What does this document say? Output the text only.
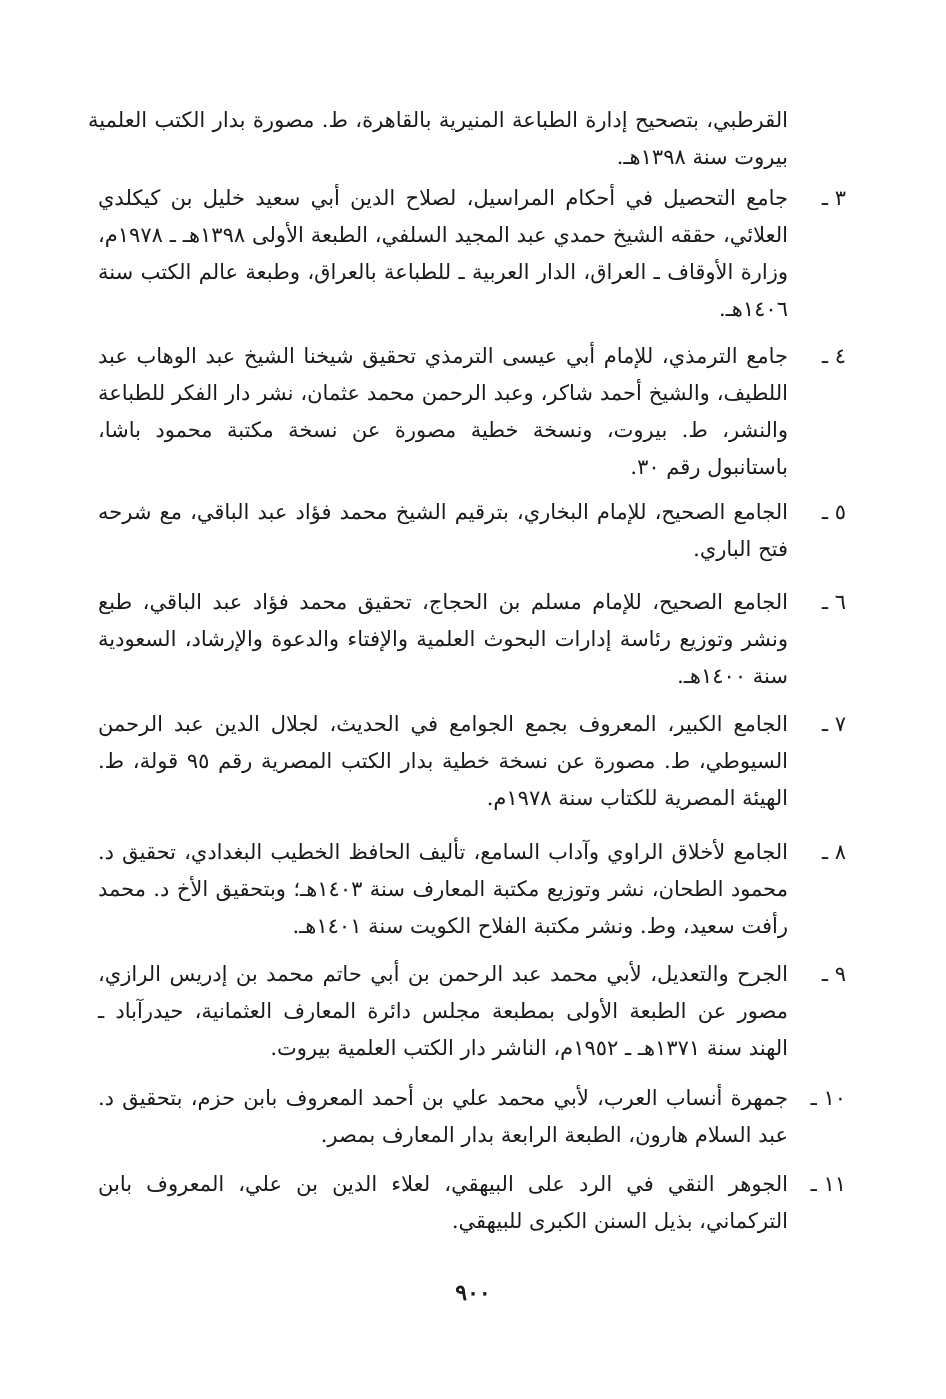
القرطبي، بتصحيح إدارة الطباعة المنيرية بالقاهرة، ط. مصورة بدار الكتب العلمية بيروت سنة ١٣٩٨هـ.
٣ ـ
جامع التحصيل في أحكام المراسيل، لصلاح الدين أبي سعيد خليل بن كيكلدي العلائي، حققه الشيخ حمدي عبد المجيد السلفي، الطبعة الأولى ١٣٩٨هـ ـ ١٩٧٨م، وزارة الأوقاف ـ العراق، الدار العربية ـ للطباعة بالعراق، وطبعة عالم الكتب سنة ١٤٠٦هـ.
٤ ـ
جامع الترمذي، للإمام أبي عيسى الترمذي تحقيق شيخنا الشيخ عبد الوهاب عبد اللطيف، والشيخ أحمد شاكر، وعبد الرحمن محمد عثمان، نشر دار الفكر للطباعة والنشر، ط. بيروت، ونسخة خطية مصورة عن نسخة مكتبة محمود باشا، باستانبول رقم ٣٠.
٥ ـ
الجامع الصحيح، للإمام البخاري، بترقيم الشيخ محمد فؤاد عبد الباقي، مع شرحه فتح الباري.
٦ ـ
الجامع الصحيح، للإمام مسلم بن الحجاج، تحقيق محمد فؤاد عبد الباقي، طبع ونشر وتوزيع رئاسة إدارات البحوث العلمية والإفتاء والدعوة والإرشاد، السعودية سنة ١٤٠٠هـ.
٧ ـ
الجامع الكبير، المعروف بجمع الجوامع في الحديث، لجلال الدين عبد الرحمن السيوطي، ط. مصورة عن نسخة خطية بدار الكتب المصرية رقم ٩٥ قولة، ط. الهيئة المصرية للكتاب سنة ١٩٧٨م.
٨ ـ
الجامع لأخلاق الراوي وآداب السامع، تأليف الحافظ الخطيب البغدادي، تحقيق د. محمود الطحان، نشر وتوزيع مكتبة المعارف سنة ١٤٠٣هـ؛ وبتحقيق الأخ د. محمد رأفت سعيد، وط. ونشر مكتبة الفلاح الكويت سنة ١٤٠١هـ.
٩ ـ
الجرح والتعديل، لأبي محمد عبد الرحمن بن أبي حاتم محمد بن إدريس الرازي، مصور عن الطبعة الأولى بمطبعة مجلس دائرة المعارف العثمانية، حيدرآباد ـ الهند سنة ١٣٧١هـ ـ ١٩٥٢م، الناشر دار الكتب العلمية بيروت.
١٠ ـ
جمهرة أنساب العرب، لأبي محمد علي بن أحمد المعروف بابن حزم، بتحقيق د. عبد السلام هارون، الطبعة الرابعة بدار المعارف بمصر.
١١ ـ
الجوهر النقي في الرد على البيهقي، لعلاء الدين بن علي، المعروف بابن التركماني، بذيل السنن الكبرى للبيهقي.
٩٠٠
